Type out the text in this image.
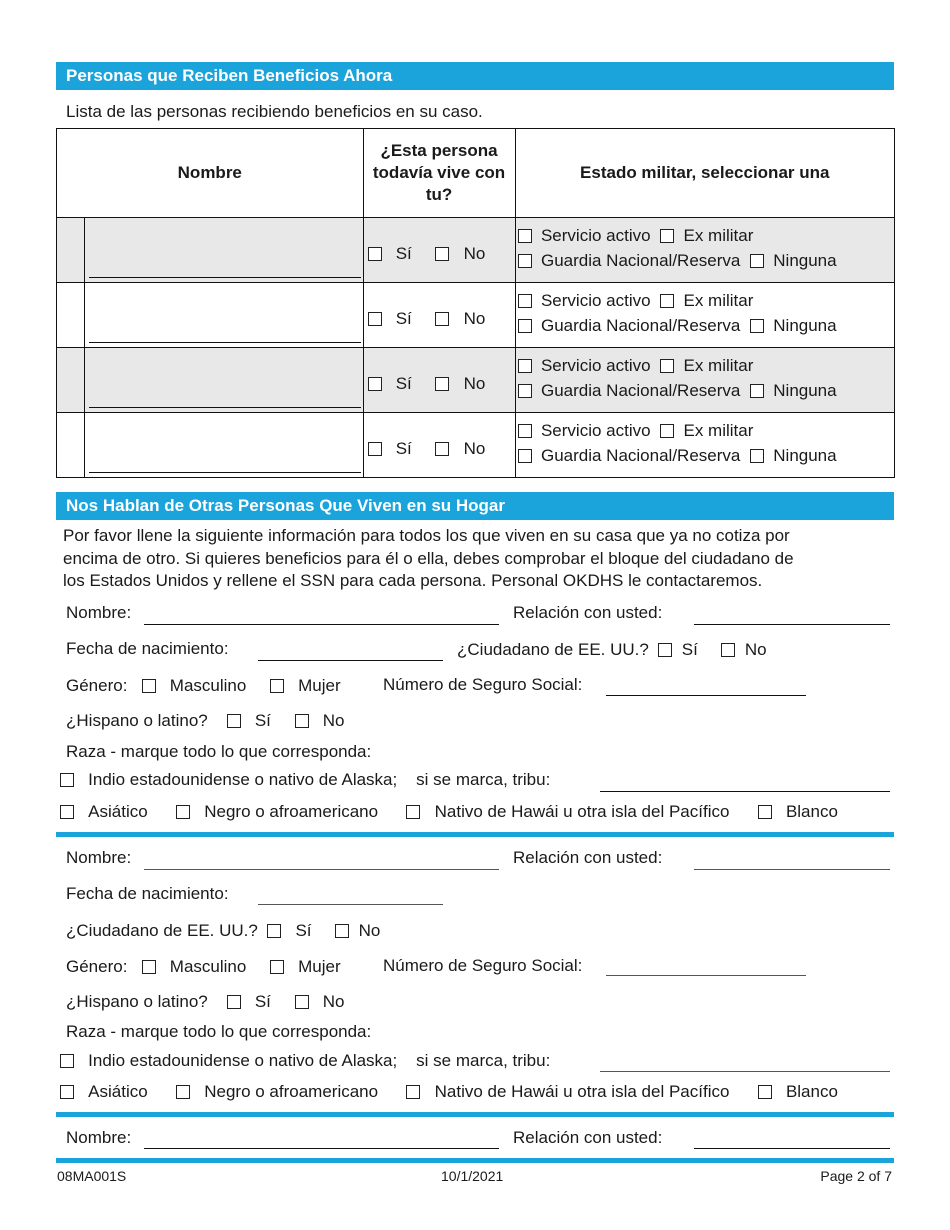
Personas que Reciben Beneficios Ahora
Lista de las personas recibiendo beneficios en su caso.
Nombre		¿Esta persona todavía vive con tu?	Estado militar, seleccionar una

		Sí No	Servicio activo Ex militar
Guardia Nacional/Reserva Ninguna

		Sí No	Servicio activo Ex militar
Guardia Nacional/Reserva Ninguna

		Sí No	Servicio activo Ex militar
Guardia Nacional/Reserva Ninguna

		Sí No	Servicio activo Ex militar
Guardia Nacional/Reserva Ninguna
Nos Hablan de Otras Personas Que Viven en su Hogar
Por favor llene la siguiente información para todos los que viven en su casa que ya no cotiza por
encima de otro. Si quieres beneficios para él o ella, debes comprobar el bloque del ciudadano de
los Estados Unidos y rellene el SSN para cada persona. Personal OKDHS le contactaremos.
Nombre:	Relación con usted:
Fecha de nacimiento:	¿Ciudadano de EE. UU.? Sí	No
Género: Masculino	Mujer Número de Seguro Social:
¿Hispano o latino?	Sí	No
Raza - marque todo lo que corresponda:
Indio estadounidense o nativo de Alaska; si se marca, tribu:
Asiático	Negro o afroamericano	Nativo de Hawái u otra isla del Pacífico	Blanco
Nombre:	Relación con usted:
Fecha de nacimiento:
¿Ciudadano de EE. UU.? Sí	No
Género: Masculino	Mujer Número de Seguro Social:
¿Hispano o latino?	Sí	No
Raza - marque todo lo que corresponda:
Indio estadounidense o nativo de Alaska; si se marca, tribu:
Asiático	Negro o afroamericano	Nativo de Hawái u otra isla del Pacífico	Blanco
Nombre:	Relación con usted:
08MA001S	10/1/2021	Page 2 of 7
